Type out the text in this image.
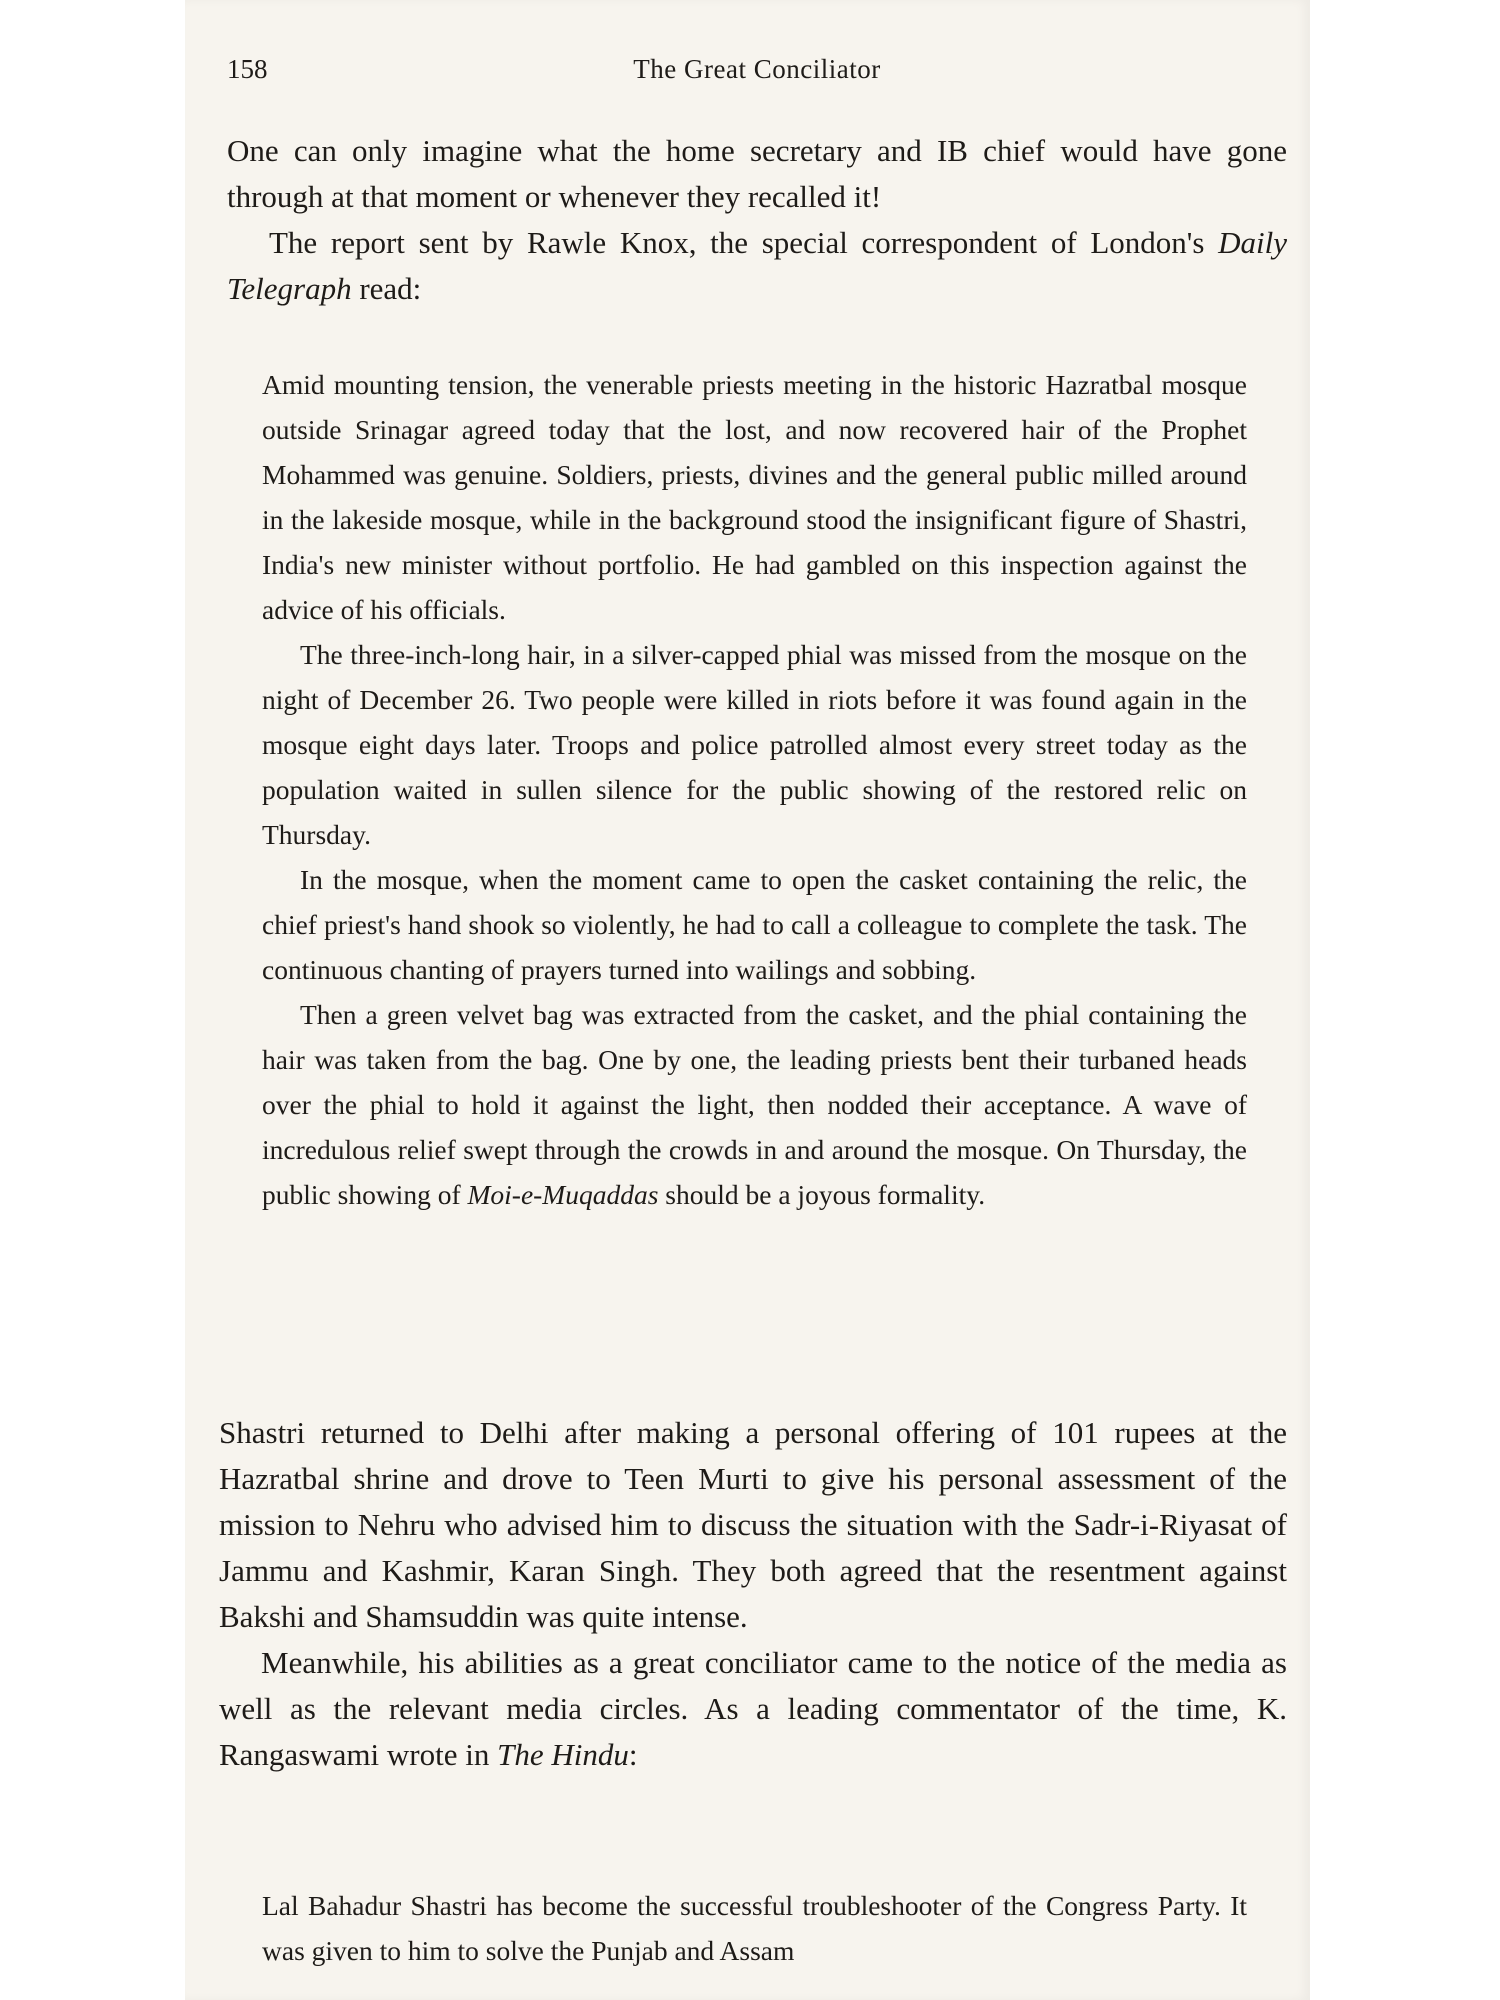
158	The Great Conciliator

One can only imagine what the home secretary and IB chief would have gone through at that moment or whenever they recalled it!

The report sent by Rawle Knox, the special correspondent of London's Daily Telegraph read:

Amid mounting tension, the venerable priests meeting in the historic Hazratbal mosque outside Srinagar agreed today that the lost, and now recovered hair of the Prophet Mohammed was genuine. Soldiers, priests, divines and the general public milled around in the lakeside mosque, while in the background stood the insignificant figure of Shastri, India's new minister without portfolio. He had gambled on this inspection against the advice of his officials.

The three-inch-long hair, in a silver-capped phial was missed from the mosque on the night of December 26. Two people were killed in riots before it was found again in the mosque eight days later. Troops and police patrolled almost every street today as the population waited in sullen silence for the public showing of the restored relic on Thursday.

In the mosque, when the moment came to open the casket containing the relic, the chief priest's hand shook so violently, he had to call a colleague to complete the task. The continuous chanting of prayers turned into wailings and sobbing.

Then a green velvet bag was extracted from the casket, and the phial containing the hair was taken from the bag. One by one, the leading priests bent their turbaned heads over the phial to hold it against the light, then nodded their acceptance. A wave of incredulous relief swept through the crowds in and around the mosque. On Thursday, the public showing of Moi-e-Muqaddas should be a joyous formality.

Shastri returned to Delhi after making a personal offering of 101 rupees at the Hazratbal shrine and drove to Teen Murti to give his personal assessment of the mission to Nehru who advised him to discuss the situation with the Sadr-i-Riyasat of Jammu and Kashmir, Karan Singh. They both agreed that the resentment against Bakshi and Shamsuddin was quite intense.

Meanwhile, his abilities as a great conciliator came to the notice of the media as well as the relevant media circles. As a leading commentator of the time, K. Rangaswami wrote in The Hindu:

Lal Bahadur Shastri has become the successful troubleshooter of the Congress Party. It was given to him to solve the Punjab and Assam
